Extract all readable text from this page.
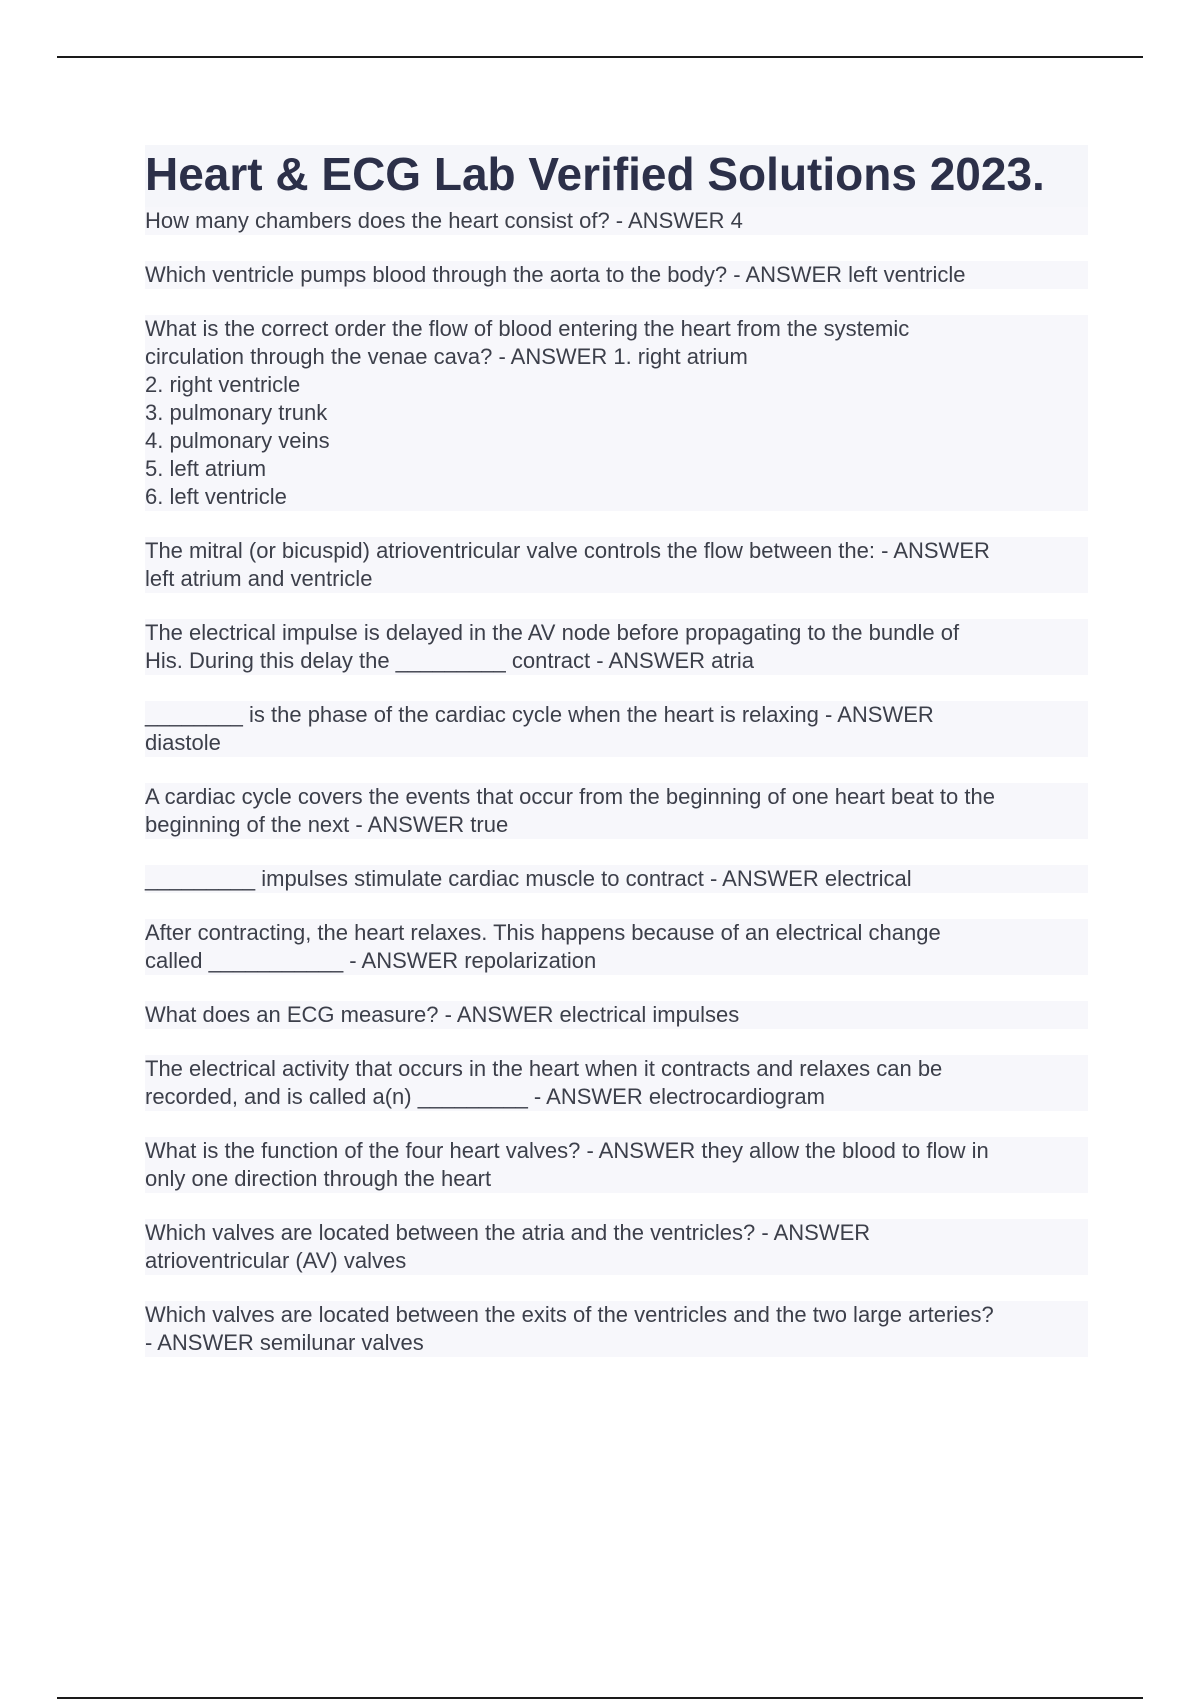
Heart & ECG Lab Verified Solutions 2023.
How many chambers does the heart consist of? - ANSWER 4
Which ventricle pumps blood through the aorta to the body? - ANSWER left ventricle
What is the correct order the flow of blood entering the heart from the systemic
circulation through the venae cava? - ANSWER 1. right atrium
2. right ventricle
3. pulmonary trunk
4. pulmonary veins
5. left atrium
6. left ventricle
The mitral (or bicuspid) atrioventricular valve controls the flow between the: - ANSWER
left atrium and ventricle
The electrical impulse is delayed in the AV node before propagating to the bundle of
His. During this delay the _________ contract - ANSWER atria
________ is the phase of the cardiac cycle when the heart is relaxing - ANSWER
diastole
A cardiac cycle covers the events that occur from the beginning of one heart beat to the
beginning of the next - ANSWER true
_________ impulses stimulate cardiac muscle to contract - ANSWER electrical
After contracting, the heart relaxes. This happens because of an electrical change
called ___________ - ANSWER repolarization
What does an ECG measure? - ANSWER electrical impulses
The electrical activity that occurs in the heart when it contracts and relaxes can be
recorded, and is called a(n) _________ - ANSWER electrocardiogram
What is the function of the four heart valves? - ANSWER they allow the blood to flow in
only one direction through the heart
Which valves are located between the atria and the ventricles? - ANSWER
atrioventricular (AV) valves
Which valves are located between the exits of the ventricles and the two large arteries?
- ANSWER semilunar valves
